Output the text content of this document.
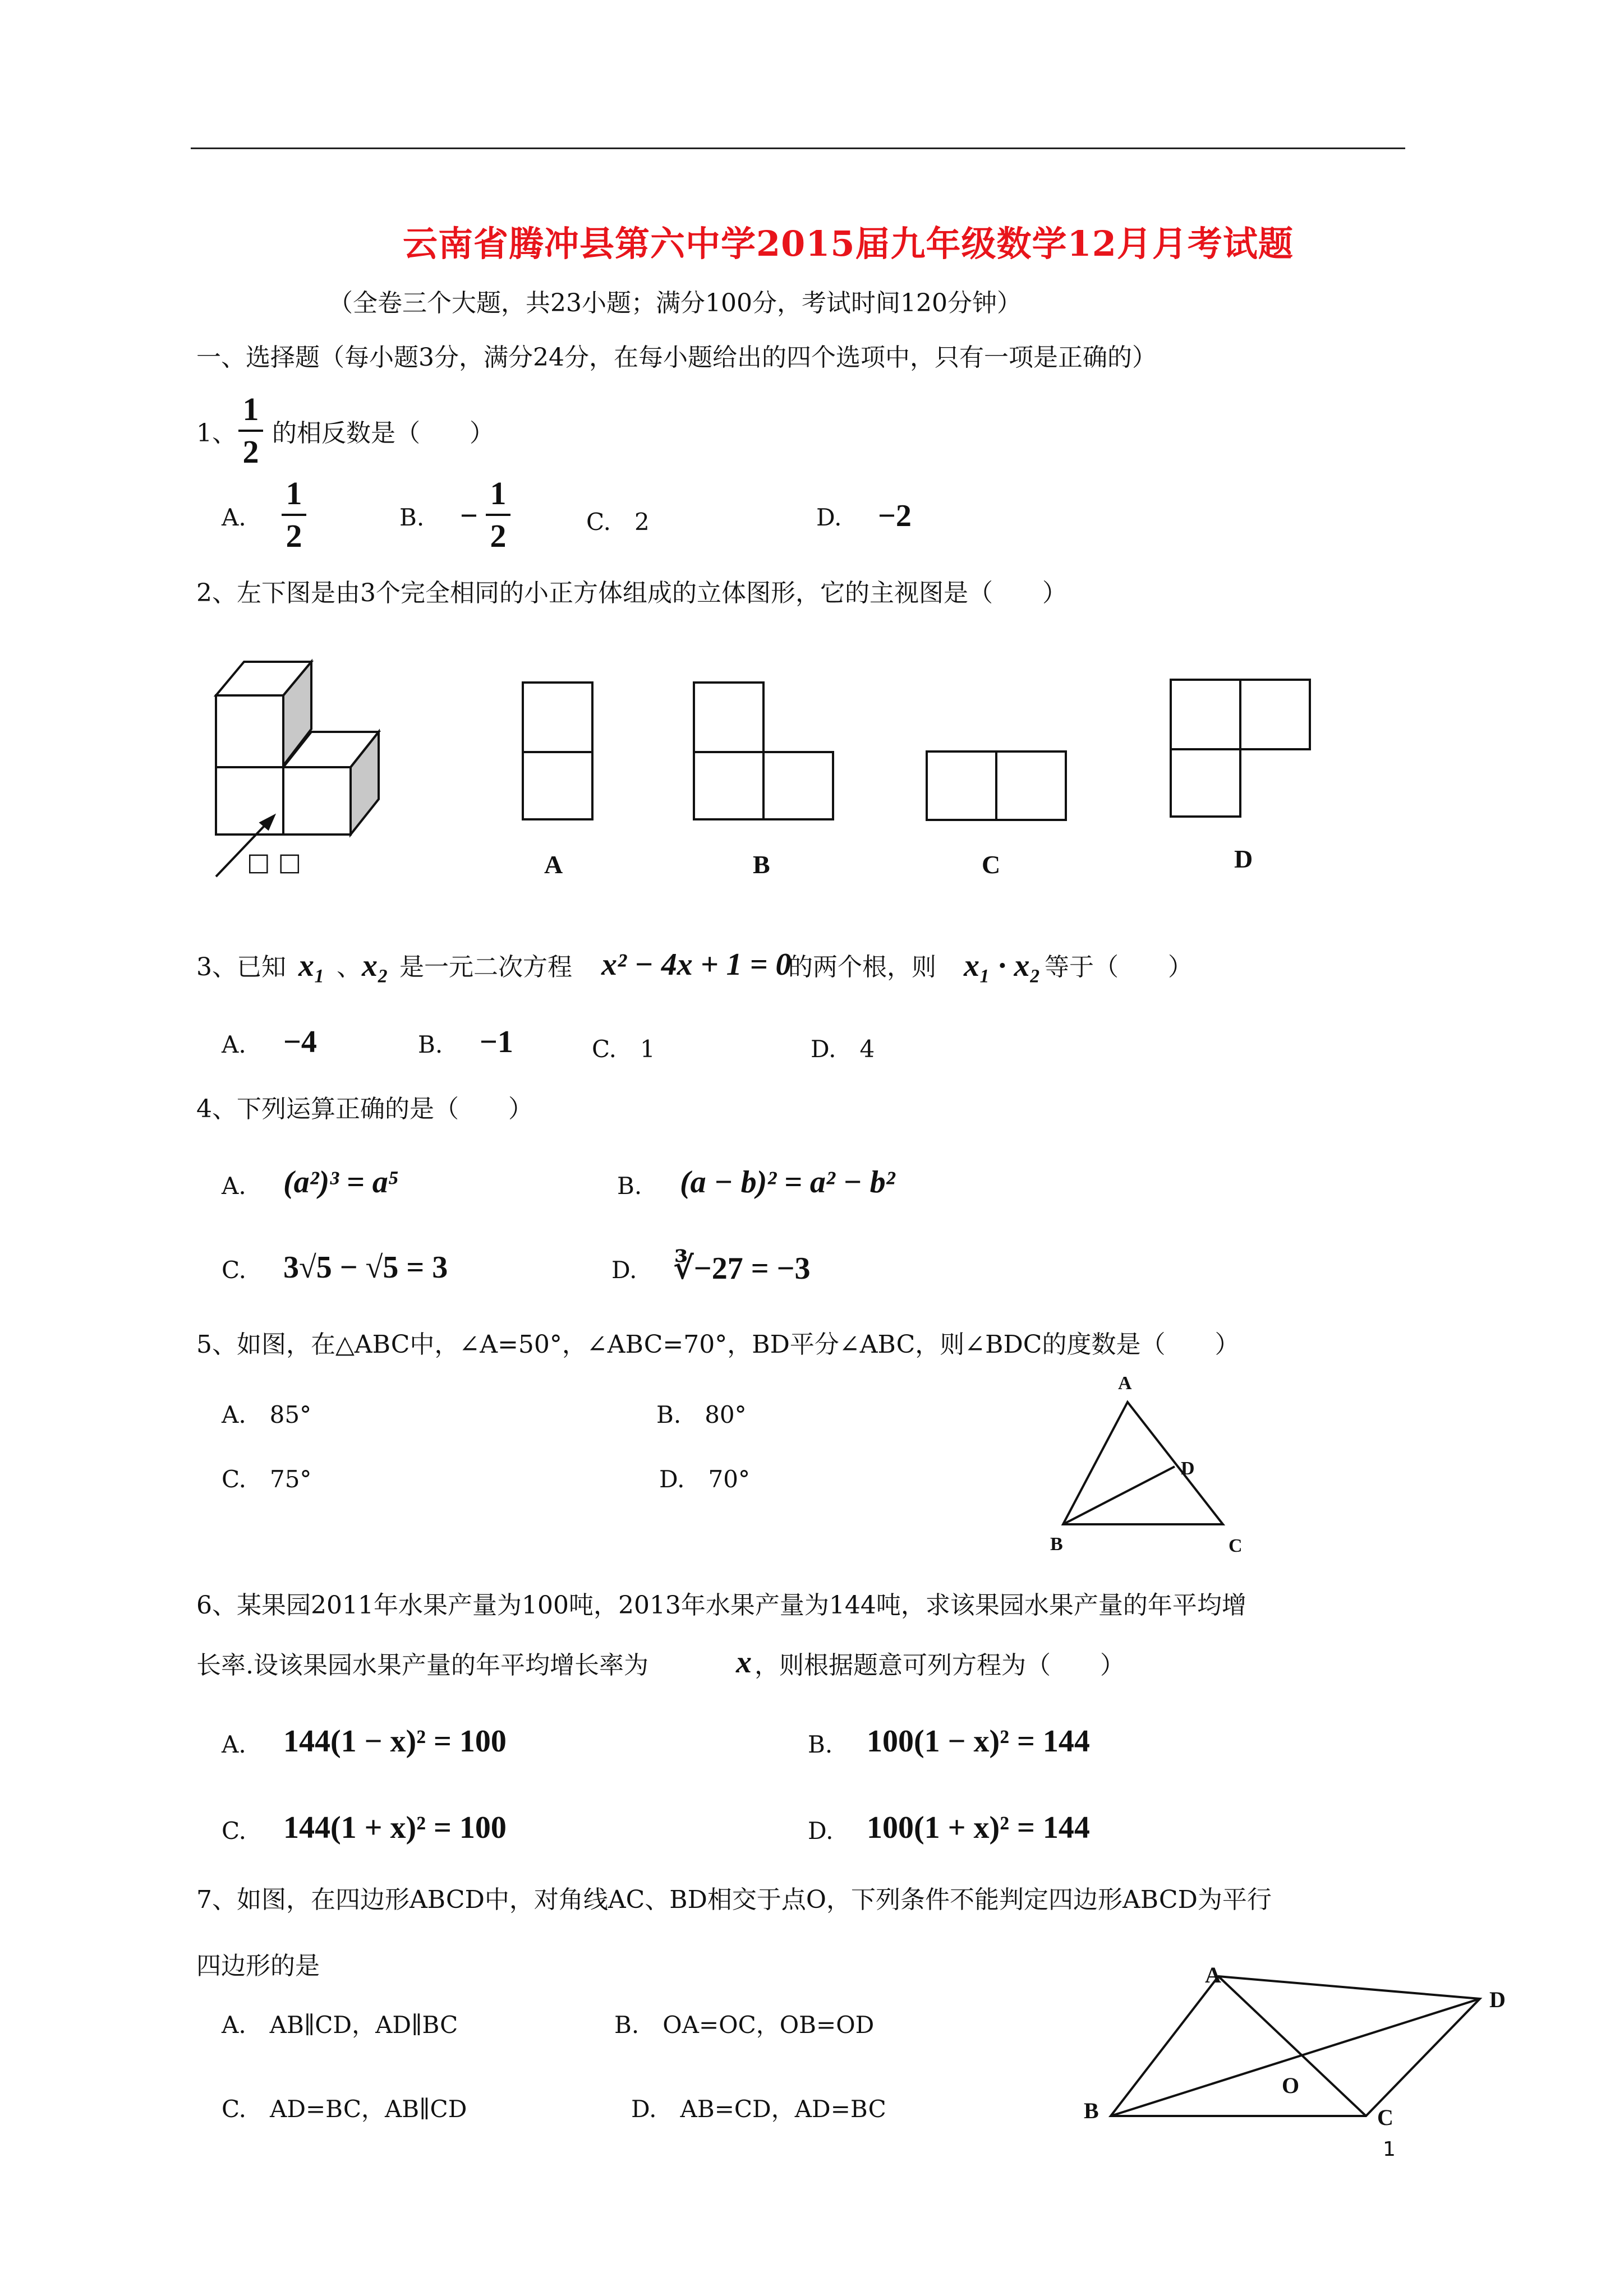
云南省腾冲县第六中学2015届九年级数学12月月考试题
（全卷三个大题，共23小题；满分100分，考试时间120分钟）
一、选择题（每小题3分，满分24分，在每小题给出的四个选项中，只有一项是正确的）
1、
1
2
的相反数是（　　）
A.
1
2
B. −
1
2	C.　2	D. −2
2、左下图是由3个完全相同的小正方体组成的立体图形，它的主视图是（　　）
□ □	A	B	C	D
3、已知 x₁ 、 x₂ 是一元二次方程 x² − 4x + 1 = 0
的两个根，则 x₁ · x₂ 等于（　　）
A. −4	B. −1	C.　1	D.　4
4、下列运算正确的是（　　）
A. (a²)³ = a⁵	B. (a − b)² = a² − b²
C. 3√5 − √5 = 3	D. ∛−27 = −3
5、如图，在△ABC中，∠A=50°，∠ABC=70°，BD平分∠ABC，则∠BDC的度数是（　　）
A.　85°	B.　80°
C.　75°	D.　70°
A
D
B	C
6、某果园2011年水果产量为100吨，2013年水果产量为144吨，求该果园水果产量的年平均增
长率.设该果园水果产量的年平均增长率为	x ，则根据题意可列方程为（　　）
A. 144(1 − x)² = 100	B. 100(1 − x)² = 144
C. 144(1 + x)² = 100	D. 100(1 + x)² = 144
7、如图，在四边形ABCD中，对角线AC、BD相交于点O，下列条件不能判定四边形ABCD为平行
四边形的是
A.　AB∥CD，AD∥BC	B.　OA=OC，OB=OD
C.　AD=BC，AB∥CD	D.　AB=CD，AD=BC
A
D
O
B	C
1
